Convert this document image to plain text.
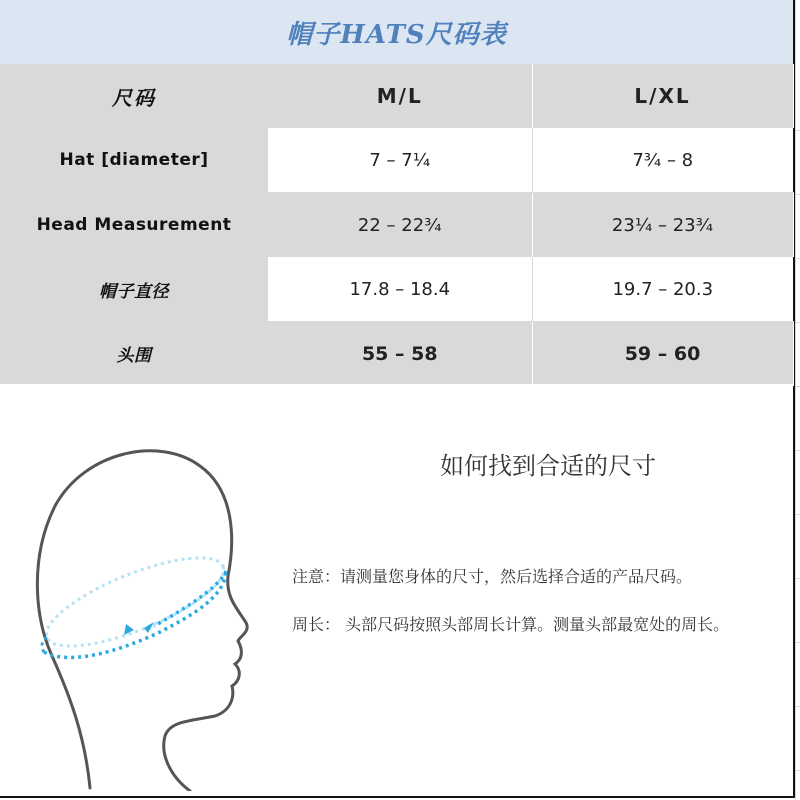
帽子HATS尺码表
尺码	M/L	L/XL
Hat [diameter]	7 – 7¼	7¾ – 8
Head Measurement	22 – 22¾	23¼ – 23¾
帽子直径	17.8 – 18.4	19.7 – 20.3
头围	55 – 58	59 – 60
如何找到合适的尺寸
注意：请测量您身体的尺寸，然后选择合适的产品尺码。
周长： 头部尺码按照头部周长计算。测量头部最宽处的周长。
